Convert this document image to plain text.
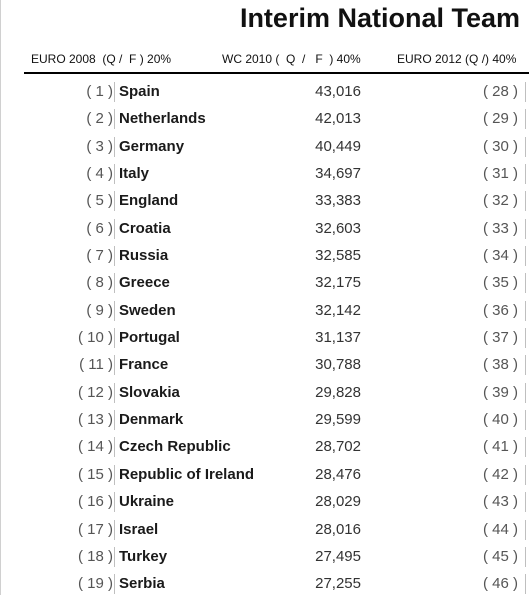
Interim National Team
EURO 2008  (Q /  F ) 20%	WC 2010 (  Q  /   F  ) 40%	EURO 2012 (Q /) 40%
( 1 ) Spain	43,016	( 28 )
( 2 ) Netherlands	42,013	( 29 )
( 3 ) Germany	40,449	( 30 )
( 4 ) Italy	34,697	( 31 )
( 5 ) England	33,383	( 32 )
( 6 ) Croatia	32,603	( 33 )
( 7 ) Russia	32,585	( 34 )
( 8 ) Greece	32,175	( 35 )
( 9 ) Sweden	32,142	( 36 )
( 10 ) Portugal	31,137	( 37 )
( 11 ) France	30,788	( 38 )
( 12 ) Slovakia	29,828	( 39 )
( 13 ) Denmark	29,599	( 40 )
( 14 ) Czech Republic	28,702	( 41 )
( 15 ) Republic of Ireland	28,476	( 42 )
( 16 ) Ukraine	28,029	( 43 )
( 17 ) Israel	28,016	( 44 )
( 18 ) Turkey	27,495	( 45 )
( 19 ) Serbia	27,255	( 46 )
